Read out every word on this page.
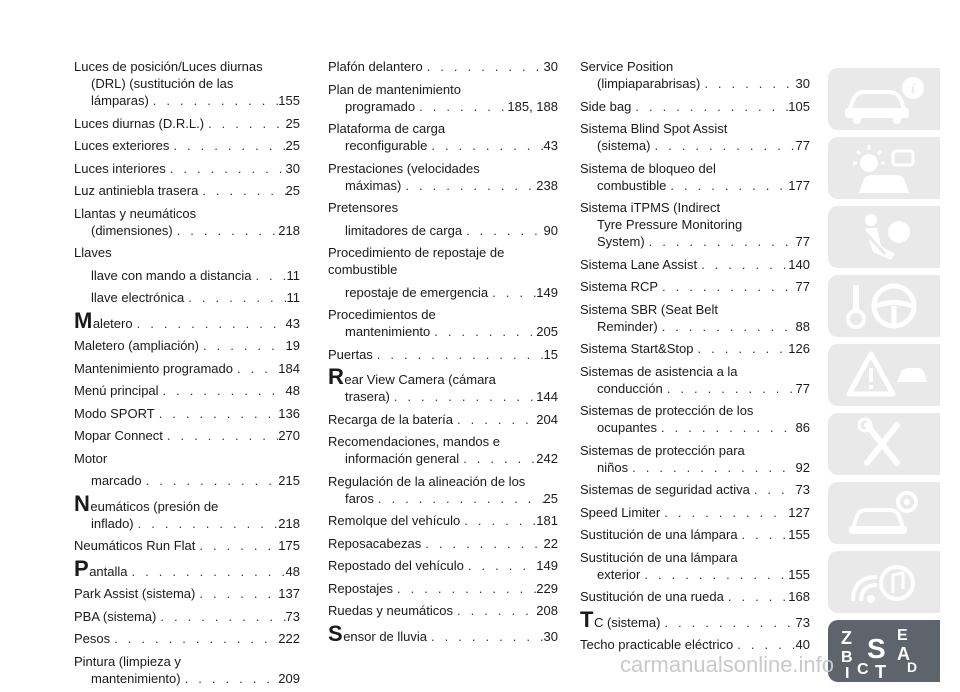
Luces de posición/Luces diurnas
(DRL) (sustitución de las
lámparas) . . .	155
Luces diurnas (D.R.L.) . . .	25
Luces exteriores . . .	25
Luces interiores . . .	30
Luz antiniebla trasera . . .	25
Llantas y neumáticos
(dimensiones) . . .	218
Llaves
llave con mando a distancia . . .	11
llave electrónica . . .	11
M aletero . . .	43
Maletero (ampliación) . . .	19
Mantenimiento programado . . .	184
Menú principal . . .	48
Modo SPORT . . .	136
Mopar Connect . . .	270
Motor
marcado . . .	215
N eumáticos (presión de
inflado) . . .	218
Neumáticos Run Flat . . .	175
P antalla . . .	48
Park Assist (sistema) . . .	137
PBA (sistema) . . .	73
Pesos . . .	222
Pintura (limpieza y
mantenimiento) . . .	209
Plafón delantero . . .	30
Plan de mantenimiento
programado . . .	185, 188
Plataforma de carga
reconfigurable . . .	43
Prestaciones (velocidades
máximas) . . .	238
Pretensores
limitadores de carga . . .	90
Procedimiento de repostaje de
combustible
repostaje de emergencia . . .	149
Procedimientos de
mantenimiento . . .	205
Puertas . . .	15
R ear View Camera (cámara
trasera) . . .	144
Recarga de la batería . . .	204
Recomendaciones, mandos e
información general . . .	242
Regulación de la alineación de los
faros . . .	25
Remolque del vehículo . . .	181
Reposacabezas . . .	22
Repostado del vehículo . . .	149
Repostajes . . .	229
Ruedas y neumáticos . . .	208
S ensor de lluvia . . .	30
Service Position
(limpiaparabrisas) . . .	30
Side bag . . .	105
Sistema Blind Spot Assist
(sistema) . . .	77
Sistema de bloqueo del
combustible . . .	177
Sistema iTPMS (Indirect
Tyre Pressure Monitoring
System) . . .	77
Sistema Lane Assist . . .	140
Sistema RCP . . .	77
Sistema SBR (Seat Belt
Reminder) . . .	88
Sistema Start&Stop . . .	126
Sistemas de asistencia a la
conducción . . .	77
Sistemas de protección de los
ocupantes . . .	86
Sistemas de protección para
niños . . .	92
Sistemas de seguridad activa . . .	73
Speed Limiter . . .	127
Sustitución de una lámpara . . .	155
Sustitución de una lámpara
exterior . . .	155
Sustitución de una rueda . . .	168
T C (sistema) . . .	73
Techo practicable eléctrico . . .	40
i
Z	E
S A
B
C	D
T
I
carmanualsonline.info
